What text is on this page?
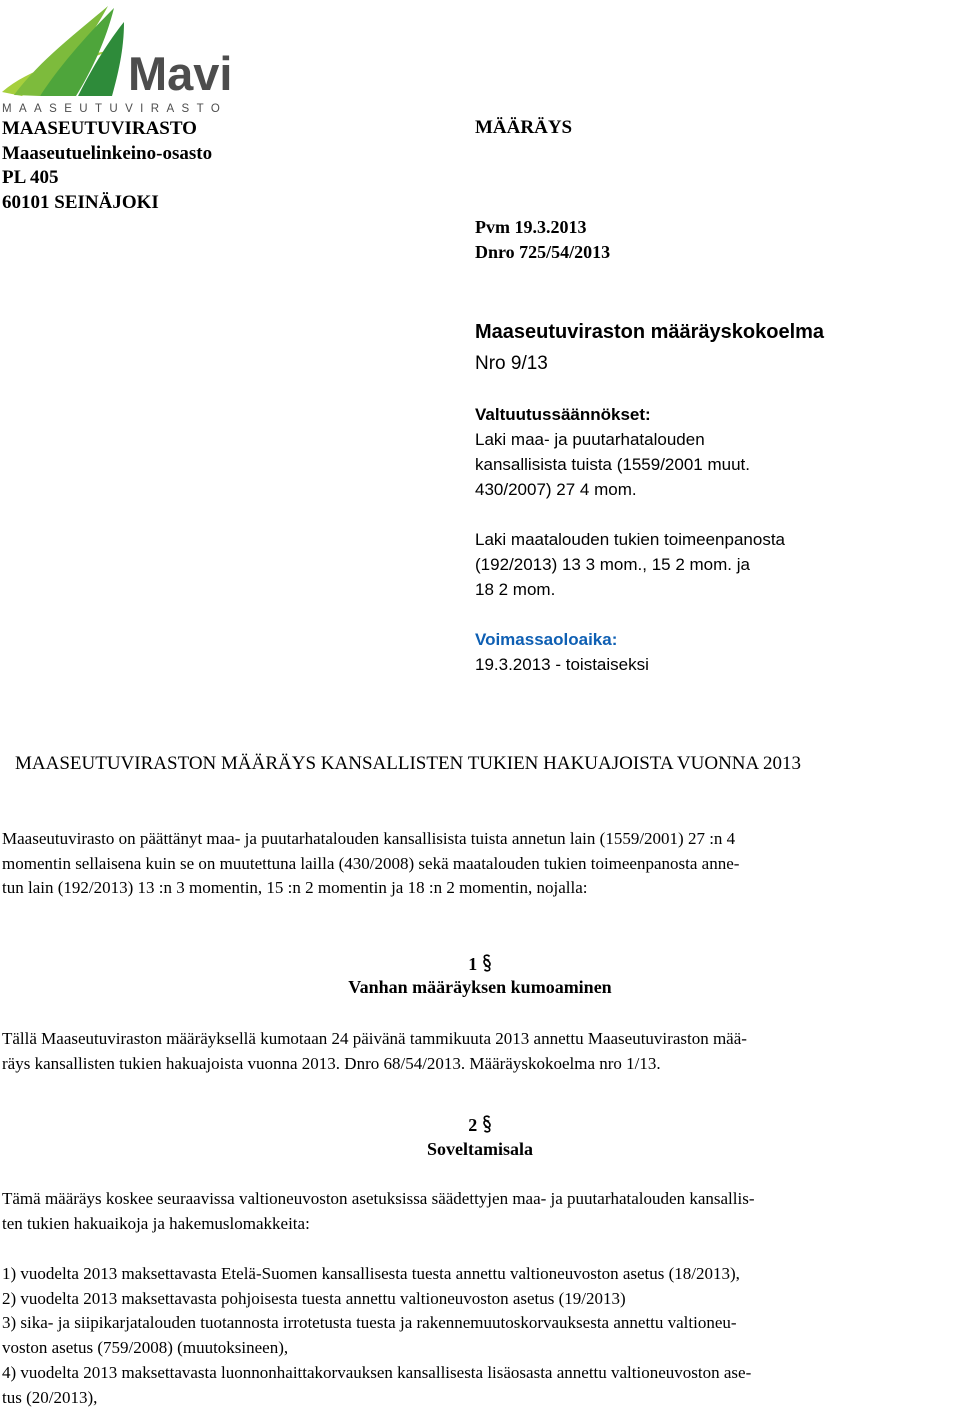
Mavi
MAASEUTUVIRASTO
MAASEUTUVIRASTO
Maaseutuelinkeino-osasto
PL 405
60101 SEINÄJOKI
MÄÄRÄYS
Pvm 19.3.2013
Dnro 725/54/2013
Maaseutuviraston määräyskokoelma
Nro 9/13
Valtuutussäännökset:
Laki maa- ja puutarhatalouden
kansallisista tuista (1559/2001 muut.
430/2007) 27 4 mom.
Laki maatalouden tukien toimeenpanosta
(192/2013) 13 3 mom., 15 2 mom. ja
18 2 mom.
Voimassaoloaika:
19.3.2013 - toistaiseksi
MAASEUTUVIRASTON MÄÄRÄYS KANSALLISTEN TUKIEN HAKUAJOISTA VUONNA 2013
Maaseutuvirasto on päättänyt maa- ja puutarhatalouden kansallisista tuista annetun lain (1559/2001) 27 :n 4
momentin sellaisena kuin se on muutettuna lailla (430/2008) sekä maatalouden tukien toimeenpanosta anne-
tun lain (192/2013) 13 :n 3 momentin, 15 :n 2 momentin ja 18 :n 2 momentin, nojalla:
1
Vanhan määräyksen kumoaminen
Tällä Maaseutuviraston määräyksellä kumotaan 24 päivänä tammikuuta 2013 annettu Maaseutuviraston mää-
räys kansallisten tukien hakuajoista vuonna 2013. Dnro 68/54/2013. Määräyskokoelma nro 1/13.
2
Soveltamisala
Tämä määräys koskee seuraavissa valtioneuvoston asetuksissa säädettyjen maa- ja puutarhatalouden kansallis-
ten tukien hakuaikoja ja hakemuslomakkeita:
1) vuodelta 2013 maksettavasta Etelä-Suomen kansallisesta tuesta annettu valtioneuvoston asetus (18/2013),
2) vuodelta 2013 maksettavasta pohjoisesta tuesta annettu valtioneuvoston asetus (19/2013)
3) sika- ja siipikarjatalouden tuotannosta irrotetusta tuesta ja rakennemuutoskorvauksesta annettu valtioneu-
voston asetus (759/2008) (muutoksineen),
4) vuodelta 2013 maksettavasta luonnonhaittakorvauksen kansallisesta lisäosasta annettu valtioneuvoston ase-
tus (20/2013),
